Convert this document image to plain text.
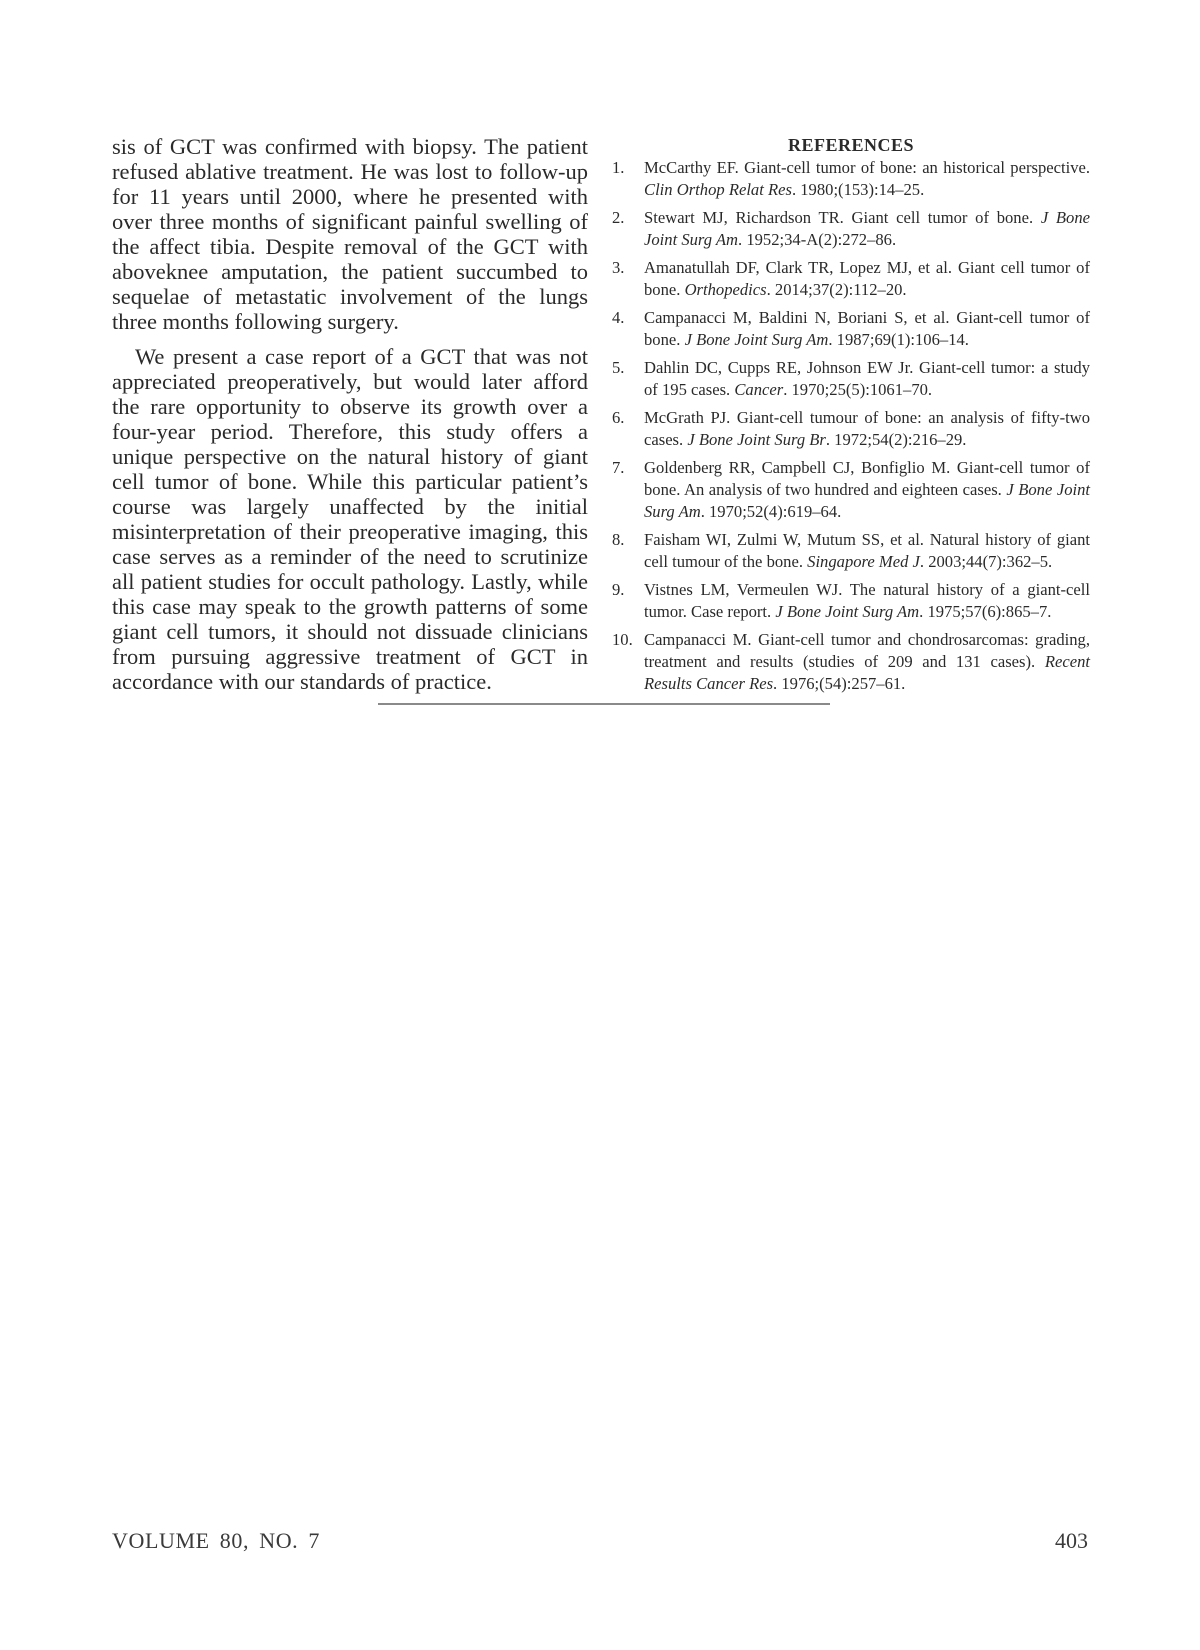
sis of GCT was confirmed with biopsy. The patient refused ablative treatment. He was lost to follow-up for 11 years until 2000, where he presented with over three months of significant painful swelling of the affect tibia. Despite removal of the GCT with aboveknee amputation, the patient succumbed to sequelae of metastatic involvement of the lungs three months following surgery.

We present a case report of a GCT that was not appreciated preoperatively, but would later afford the rare opportunity to observe its growth over a four-year period. Therefore, this study offers a unique perspective on the natural history of giant cell tumor of bone. While this particular patient’s course was largely unaffected by the initial misinterpretation of their preoperative imaging, this case serves as a reminder of the need to scrutinize all patient studies for occult pathology. Lastly, while this case may speak to the growth patterns of some giant cell tumors, it should not dissuade clinicians from pursuing aggressive treatment of GCT in accordance with our standards of practice.

REFERENCES
1.	McCarthy EF. Giant-cell tumor of bone: an historical perspective. Clin Orthop Relat Res. 1980;(153):14–25.
2.	Stewart MJ, Richardson TR. Giant cell tumor of bone. J Bone Joint Surg Am. 1952;34-A(2):272–86.
3.	Amanatullah DF, Clark TR, Lopez MJ, et al. Giant cell tumor of bone. Orthopedics. 2014;37(2):112–20.
4.	Campanacci M, Baldini N, Boriani S, et al. Giant-cell tumor of bone. J Bone Joint Surg Am. 1987;69(1):106–14.
5.	Dahlin DC, Cupps RE, Johnson EW Jr. Giant-cell tumor: a study of 195 cases. Cancer. 1970;25(5):1061–70.
6.	McGrath PJ. Giant-cell tumour of bone: an analysis of fifty-two cases. J Bone Joint Surg Br. 1972;54(2):216–29.
7.	Goldenberg RR, Campbell CJ, Bonfiglio M. Giant-cell tumor of bone. An analysis of two hundred and eighteen cases. J Bone Joint Surg Am. 1970;52(4):619–64.
8.	Faisham WI, Zulmi W, Mutum SS, et al. Natural history of giant cell tumour of the bone. Singapore Med J. 2003;44(7):362–5.
9.	Vistnes LM, Vermeulen WJ. The natural history of a giant-cell tumor. Case report. J Bone Joint Surg Am. 1975;57(6):865–7.
10. Campanacci M. Giant-cell tumor and chondrosarcomas: grading, treatment and results (studies of 209 and 131 cases). Recent Results Cancer Res. 1976;(54):257–61.
VOLUME 80, NO. 7	403
